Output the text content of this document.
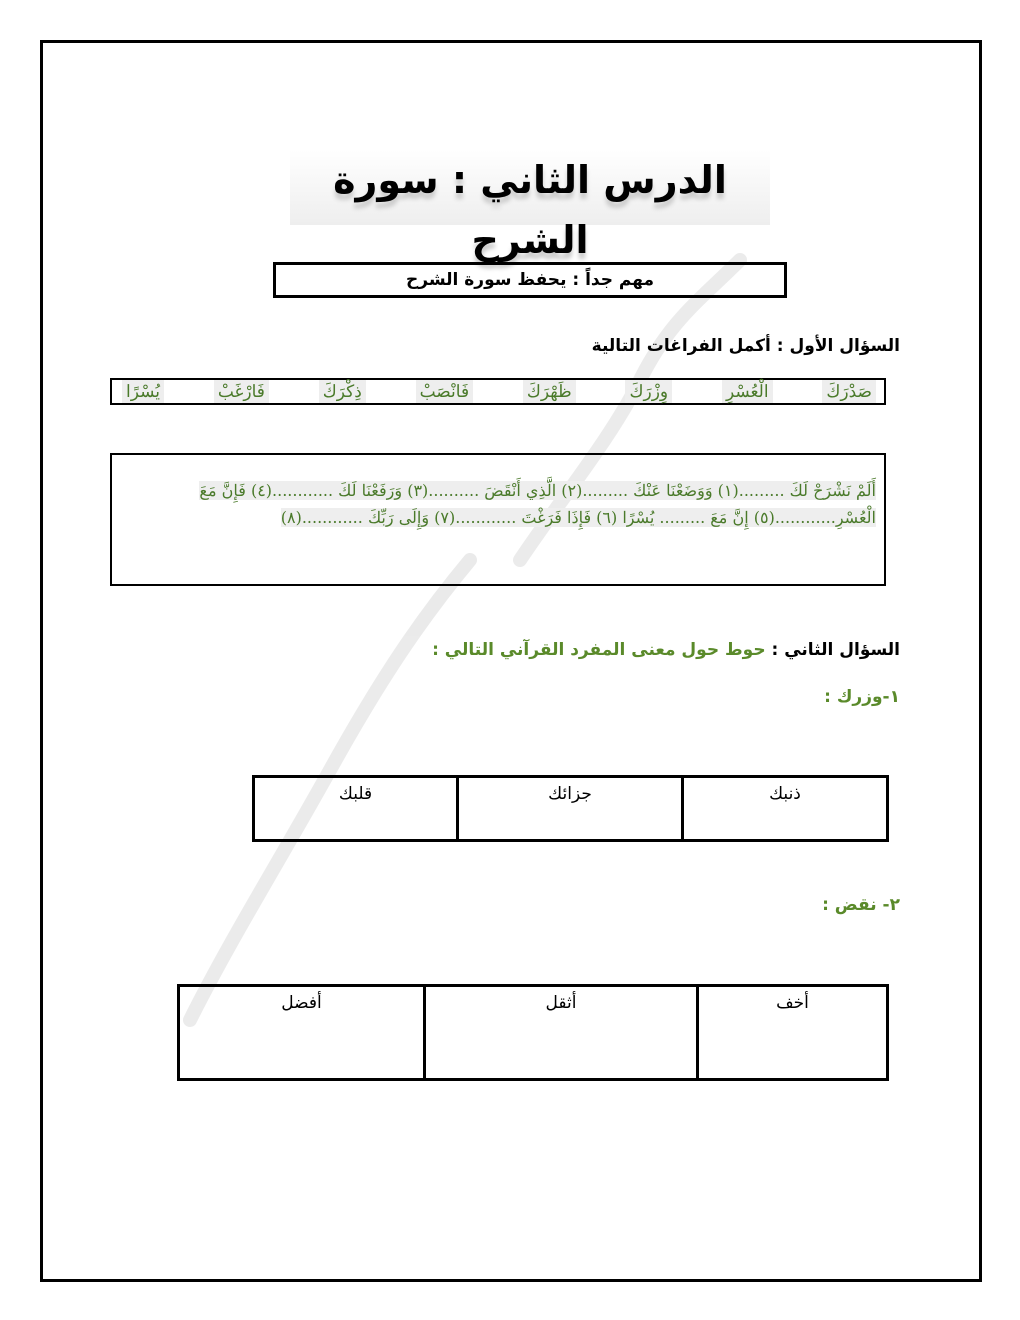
الدرس الثاني : سورة الشرح
مهم جداً : يحفظ سورة الشرح
السؤال الأول : أكمل الفراغات التالية
صَدْرَكَ
الْعُسْرِ
وِزْرَكَ
ظَهْرَكَ
فَانْصَبْ
ذِكْرَكَ
فَارْغَبْ
يُسْرًا
أَلَمْ نَشْرَحْ لَكَ .........(١) وَوَضَعْنَا عَنْكَ .........(٢) الَّذِي أَنْقَضَ ..........(٣) وَرَفَعْنَا لَكَ ............(٤) فَإِنَّ مَعَ الْعُسْرِ............(٥) إِنَّ مَعَ ......... يُسْرًا (٦) فَإِذَا فَرَغْتَ ............(٧) وَإِلَى رَبِّكَ ............(٨)
السؤال الثاني : حوط حول معنى المفرد القرآني التالي :
١-وزرك :
ذنبك	جزائك	قلبك
٢- نقض :
أخف	أثقل	أفضل
